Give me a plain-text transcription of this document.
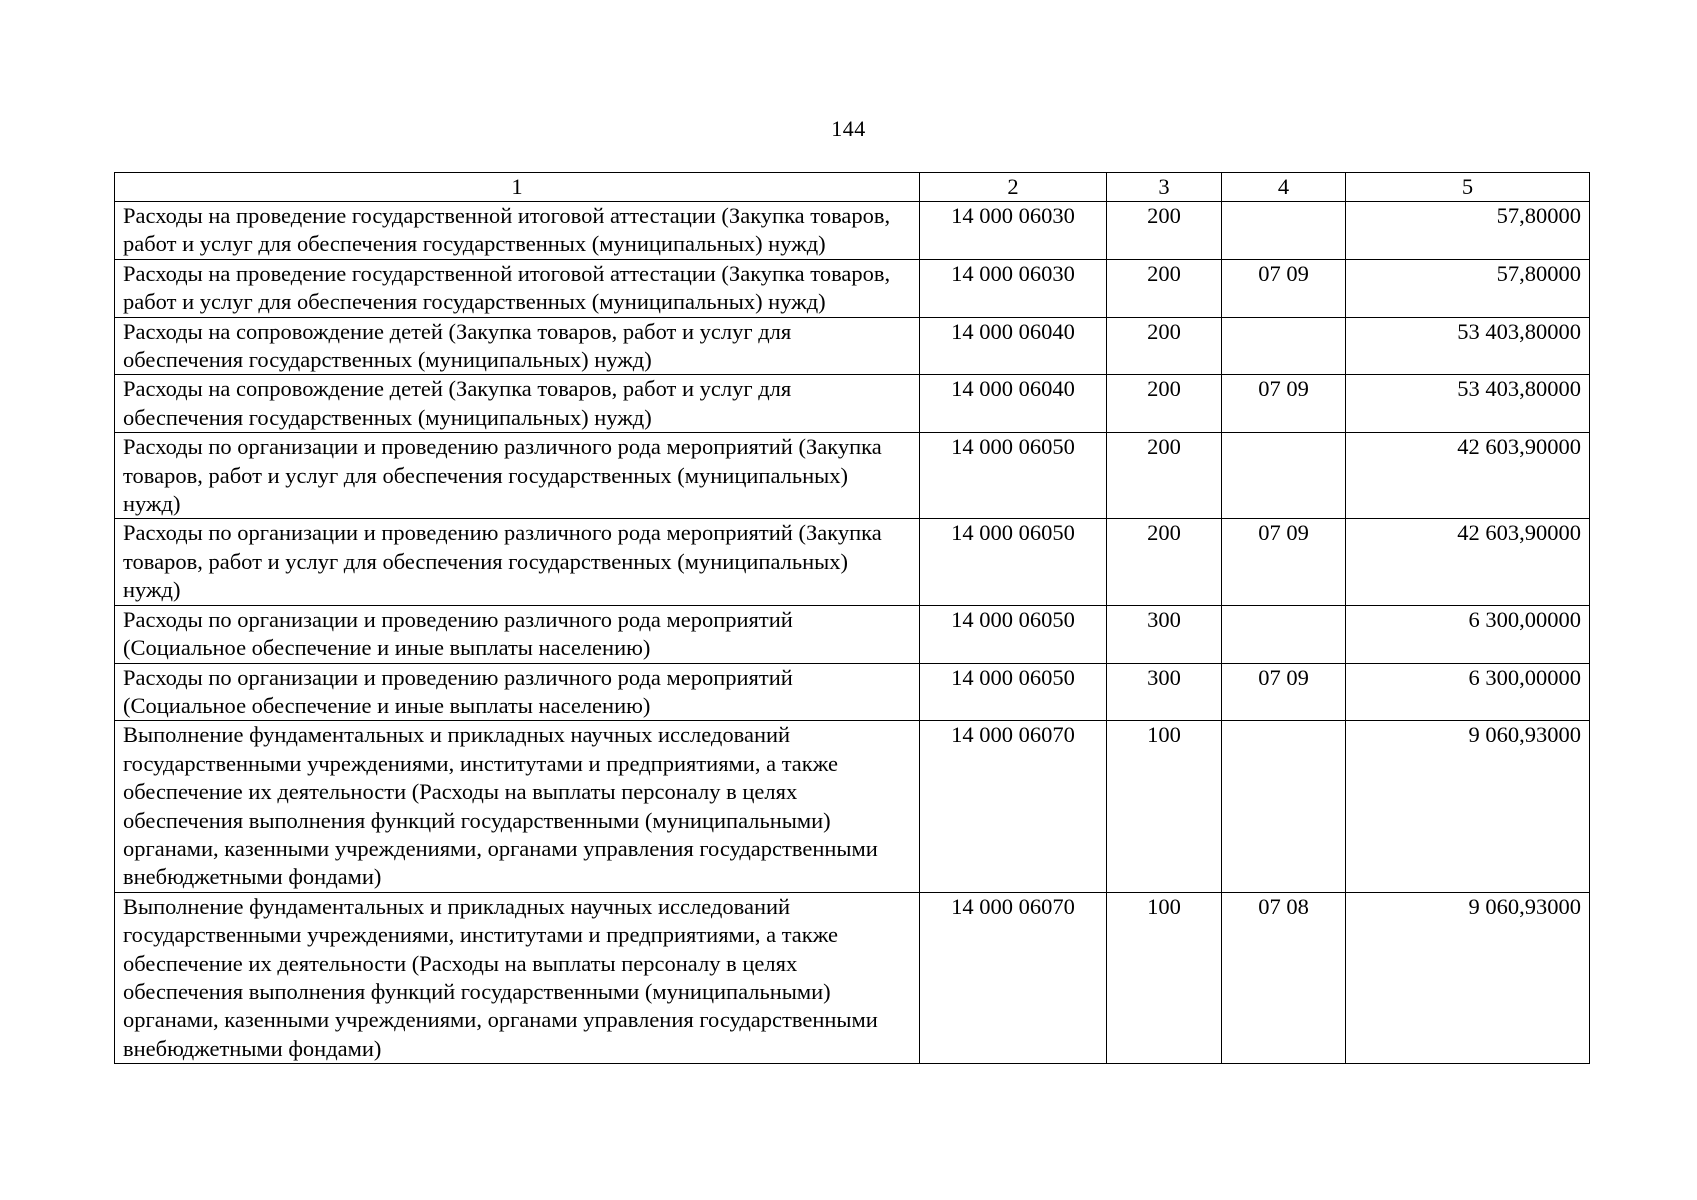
144
1	2	3	4	5
Расходы на проведение государственной итоговой аттестации (Закупка товаров, работ и услуг для обеспечения государственных (муниципальных) нужд)	14 000 06030	200		57,80000
Расходы на проведение государственной итоговой аттестации (Закупка товаров, работ и услуг для обеспечения государственных (муниципальных) нужд)	14 000 06030	200	07 09	57,80000
Расходы на сопровождение детей (Закупка товаров, работ и услуг для обеспечения государственных (муниципальных) нужд)	14 000 06040	200		53 403,80000
Расходы на сопровождение детей (Закупка товаров, работ и услуг для обеспечения государственных (муниципальных) нужд)	14 000 06040	200	07 09	53 403,80000
Расходы по организации и проведению различного рода мероприятий (Закупка товаров, работ и услуг для обеспечения государственных (муниципальных) нужд)	14 000 06050	200		42 603,90000
Расходы по организации и проведению различного рода мероприятий (Закупка товаров, работ и услуг для обеспечения государственных (муниципальных) нужд)	14 000 06050	200	07 09	42 603,90000
Расходы по организации и проведению различного рода мероприятий (Социальное обеспечение и иные выплаты населению)	14 000 06050	300		6 300,00000
Расходы по организации и проведению различного рода мероприятий (Социальное обеспечение и иные выплаты населению)	14 000 06050	300	07 09	6 300,00000
Выполнение фундаментальных и прикладных научных исследований государственными учреждениями, институтами и предприятиями, а также обеспечение их деятельности (Расходы на выплаты персоналу в целях обеспечения выполнения функций государственными (муниципальными) органами, казенными учреждениями, органами управления государственными внебюджетными фондами)	14 000 06070	100		9 060,93000
Выполнение фундаментальных и прикладных научных исследований государственными учреждениями, институтами и предприятиями, а также обеспечение их деятельности (Расходы на выплаты персоналу в целях обеспечения выполнения функций государственными (муниципальными) органами, казенными учреждениями, органами управления государственными внебюджетными фондами)	14 000 06070	100	07 08	9 060,93000
